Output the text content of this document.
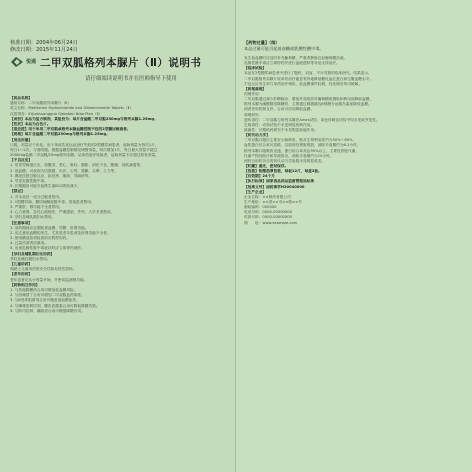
核准日期：2004年06月24日
修改日期：2015年11月24日
悦通 二甲双胍格列本脲片（Ⅱ）说明书
请仔细阅读说明书并在医师指导下使用
【药品名称】
通用名称：二甲双胍格列本脲片（Ⅱ）
英文名称：Metformin Hydrochloride and Glibenclamide Tablets（Ⅱ）
汉语拼音：Erjiashuanggua Gelieben Niao Pian（Ⅱ）
【成份】本品为复方制剂，其组份为：每片含盐酸二甲双胍250mg与格列本脲1.25mg。
【性状】本品为白色片。
【适应症】用于单用二甲双胍或格列本脲血糖控制不佳的2型糖尿病患者。
【规格】每片含盐酸二甲双胍250mg与格列本脲1.25mg。
【用法用量】
口服，剂量应个体化。用于单用饮食运动治疗失败的2型糖尿病患者，起始剂量为每次1片，
每日1～2次，与餐同服。根据血糖控制情况调整剂量，每次增加1片，每日最大剂量不超过
2000mg盐酸二甲双胍/10mg格列本脲。从单药治疗转换者，起始剂量不应超过原有剂量。
【不良反应】
1. 常见胃肠道反应，如腹泻、恶心、呕吐、腹胀、消化不良、腹痛、食欲减退等。
2. 低血糖，可表现为饥饿感、出汗、心悸、震颤、头晕、乏力等。
3. 偶见皮肤过敏反应，如皮疹、瘙痒、荨麻疹等。
4. 罕见乳酸性酸中毒。
5. 长期服用可能引起维生素B12吸收减少。
【禁忌】
1. 对本品任一成分过敏者禁用。
2. 1型糖尿病、糖尿病酮症酸中毒、昏迷患者禁用。
3. 严重肝、肾功能不全者禁用。
4. 心力衰竭、急性心肌梗死、严重感染、外伤、大手术者禁用。
5. 孕妇及哺乳期妇女禁用。
【注意事项】
1. 用药期间应定期检查血糖、尿糖、肝肾功能。
2. 应注意低血糖的发生，尤其是老年患者及肝肾功能不全者。
3. 使用碘造影剂检查前应暂停用药。
4. 过量饮酒者应慎用。
5. 出现乳酸性酸中毒症状时应立即停药就医。
【孕妇及哺乳期妇女用药】
孕妇及哺乳期妇女禁用。
【儿童用药】
尚缺乏儿童用药的安全性和有效性资料。
【老年用药】
老年患者应从小剂量开始，并密切监测肾功能。
【药物相互作用】
1. 与其他降糖药合用可增加低血糖风险。
2. 与西咪替丁合用可增加二甲双胍血药浓度。
3. 与β受体阻滞剂合用可掩盖低血糖症状。
4. 与噻嗪类利尿剂、糖皮质激素合用可降低降糖效果。
5. 与阿司匹林、磺胺类合用可增强降糖作用。
【药物过量】（续）
本品过量可能引起低血糖或乳酸性酸中毒。
发生低血糖时应及时补充葡萄糖，严重者静脉注射葡萄糖溶液。
乳酸性酸中毒应立即停药并进行血液透析等对症支持治疗。
【临床试验】
本品在2型糖尿病患者中进行了随机、双盲、平行对照的临床研究。结果显示，
二甲双胍格列本脲片较单药治疗能更有效地降低糖化血红蛋白和空腹血糖水平。
不良反应发生率与单药治疗相似，低血糖事件轻微，经处理后均可缓解。
【药理毒理】
药理作用：
二甲双胍通过减少肝糖输出、增加外周组织对葡萄糖的摄取和利用而降低血糖。
格列本脲为磺酰脲类降糖药，主要通过刺激胰岛β细胞分泌胰岛素而降低血糖。
两者作用机制互补，合用可协同降低血糖。
毒理研究：
遗传毒性：二甲双胍与格列本脲在Ames试验、染色体畸变试验中均未见致突变性。
生殖毒性：动物试验中未见明显致畸作用。
致癌性：长期给药研究中未见明显致癌作用。
【药代动力学】
二甲双胍口服后主要在小肠吸收，绝对生物利用度约为50%～60%，
血浆蛋白结合率可忽略，以原形经肾脏排泄，消除半衰期约为6.2小时。
格列本脲口服吸收迅速，蛋白结合率高达95%以上，主要经肝脏代谢，
代谢产物经胆汁和尿液排出，消除半衰期约为10小时。
两药合用时各自的药代动力学参数未见明显改变。
【贮藏】遮光，密封保存。
【包装】铝塑泡罩包装，每板12片，每盒2板。
【有效期】24个月
【执行标准】国家食品药品监督管理局标准
【批准文号】国药准字H20040000
【生产企业】
企业名称：××制药有限公司
生产地址：××省××市××路××号
邮政编码：000000
电话号码：0000-00000000
传真号码：0000-00000000
网　　址：www.example.com
